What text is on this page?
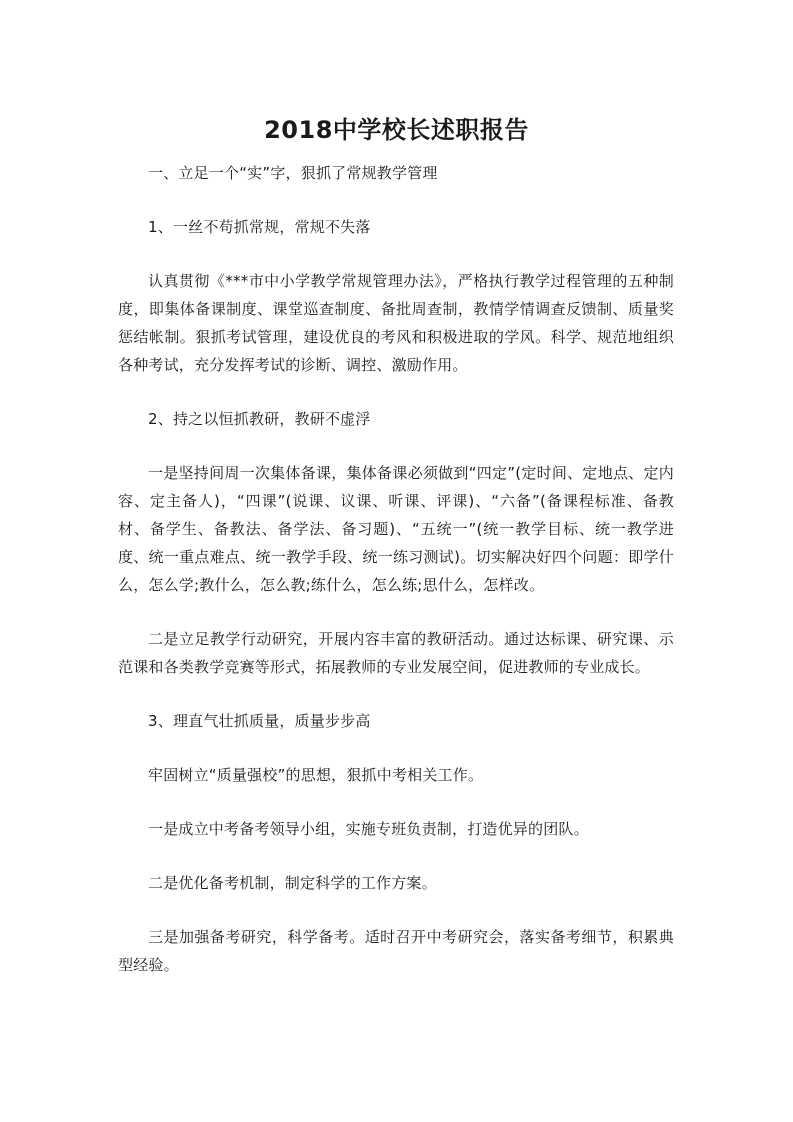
2018中学校长述职报告

一、立足一个“实”字，狠抓了常规教学管理

1、一丝不苟抓常规，常规不失落

认真贯彻《***市中小学教学常规管理办法》，严格执行教学过程管理的五种制度，即集体备课制度、课堂巡查制度、备批周查制，教情学情调查反馈制、质量奖惩结帐制。狠抓考试管理，建设优良的考风和积极进取的学风。科学、规范地组织各种考试，充分发挥考试的诊断、调控、激励作用。

2、持之以恒抓教研，教研不虚浮

一是坚持间周一次集体备课，集体备课必须做到“四定”(定时间、定地点、定内容、定主备人)，“四课”(说课、议课、听课、评课)、“六备”(备课程标准、备教材、备学生、备教法、备学法、备习题)、“五统一”(统一教学目标、统一教学进度、统一重点难点、统一教学手段、统一练习测试)。切实解决好四个问题：即学什么，怎么学;教什么，怎么教;练什么，怎么练;思什么，怎样改。

二是立足教学行动研究，开展内容丰富的教研活动。通过达标课、研究课、示范课和各类教学竞赛等形式，拓展教师的专业发展空间，促进教师的专业成长。

3、理直气壮抓质量，质量步步高

牢固树立“质量强校”的思想，狠抓中考相关工作。

一是成立中考备考领导小组，实施专班负责制，打造优异的团队。

二是优化备考机制，制定科学的工作方案。

三是加强备考研究，科学备考。适时召开中考研究会，落实备考细节，积累典型经验。
